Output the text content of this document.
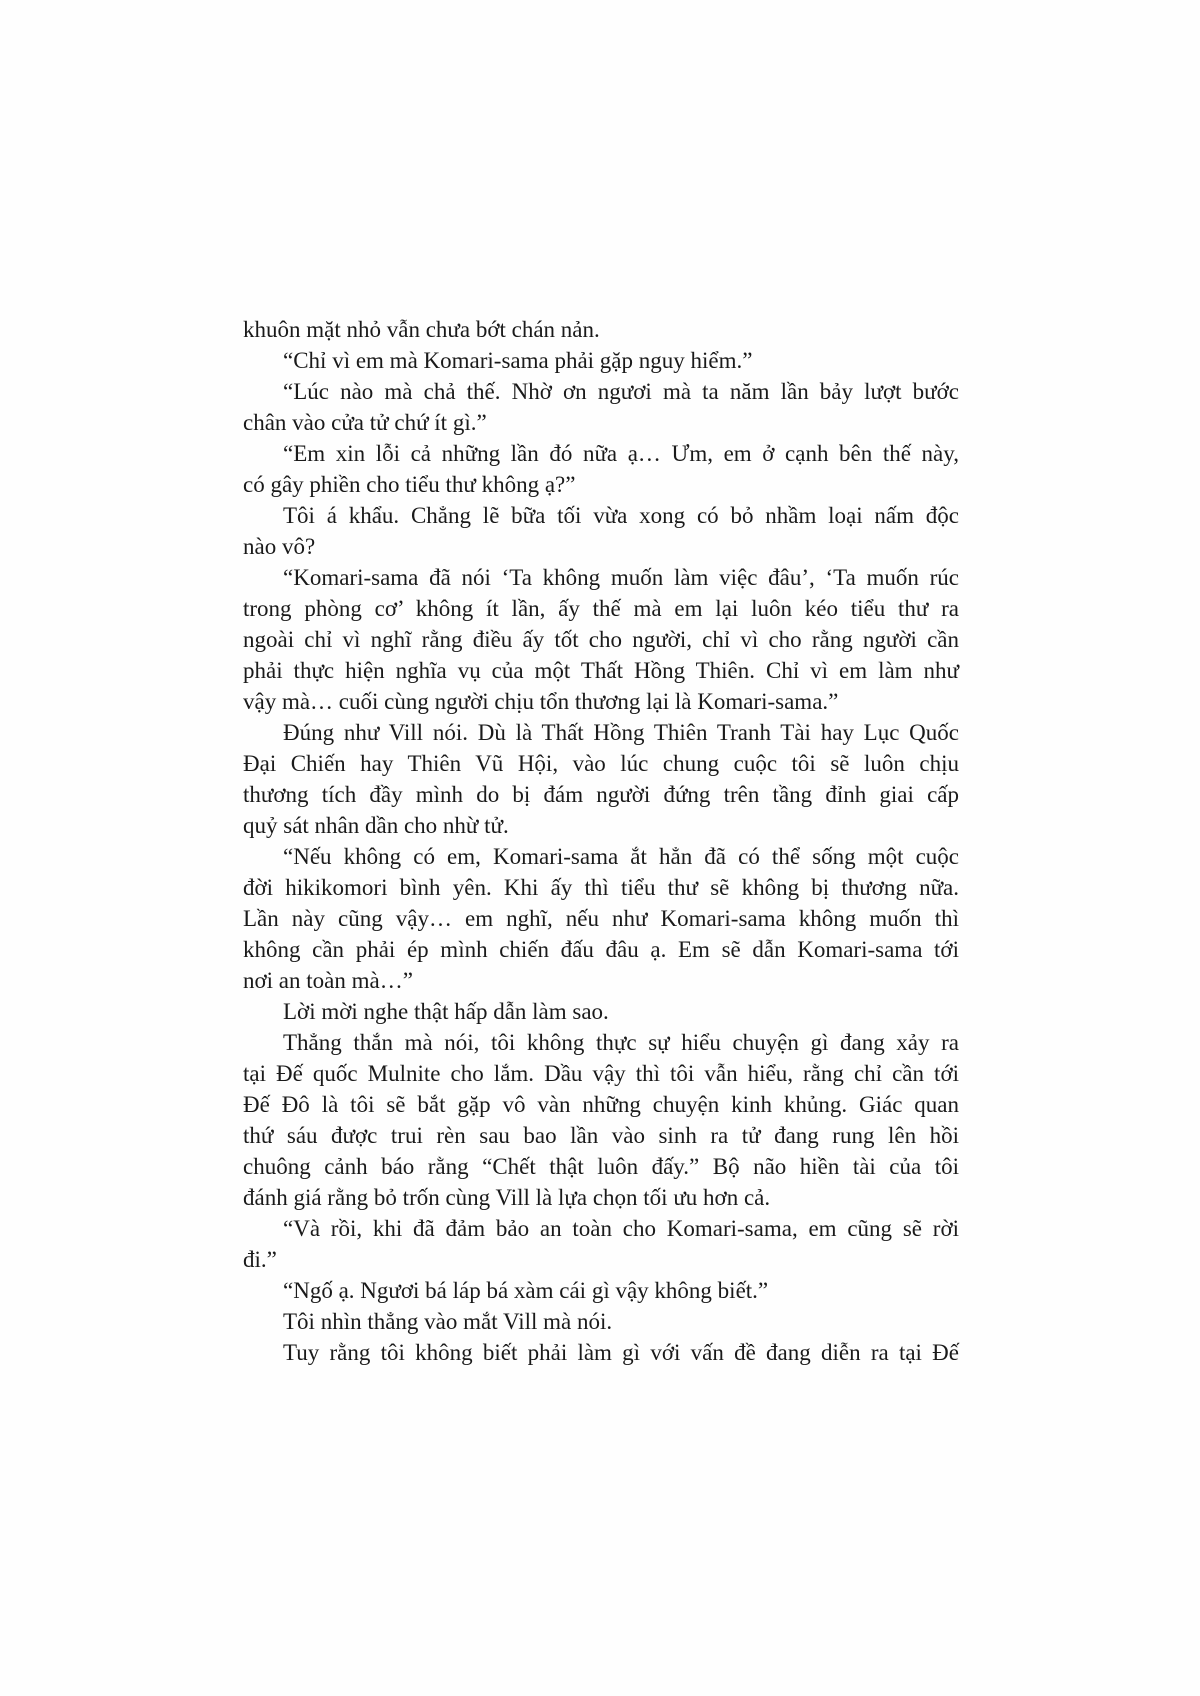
khuôn mặt nhỏ vẫn chưa bớt chán nản.
“Chỉ vì em mà Komari-sama phải gặp nguy hiểm.”
“Lúc nào mà chả thế. Nhờ ơn ngươi mà ta năm lần bảy lượt bước
chân vào cửa tử chứ ít gì.”
“Em xin lỗi cả những lần đó nữa ạ… Ưm, em ở cạnh bên thế này,
có gây phiền cho tiểu thư không ạ?”
Tôi á khẩu. Chẳng lẽ bữa tối vừa xong có bỏ nhầm loại nấm độc
nào vô?
“Komari-sama đã nói ‘Ta không muốn làm việc đâu’, ‘Ta muốn rúc
trong phòng cơ’ không ít lần, ấy thế mà em lại luôn kéo tiểu thư ra
ngoài chỉ vì nghĩ rằng điều ấy tốt cho người, chỉ vì cho rằng người cần
phải thực hiện nghĩa vụ của một Thất Hồng Thiên. Chỉ vì em làm như
vậy mà… cuối cùng người chịu tổn thương lại là Komari-sama.”
Đúng như Vill nói. Dù là Thất Hồng Thiên Tranh Tài hay Lục Quốc
Đại Chiến hay Thiên Vũ Hội, vào lúc chung cuộc tôi sẽ luôn chịu
thương tích đầy mình do bị đám người đứng trên tầng đỉnh giai cấp
quỷ sát nhân dần cho nhừ tử.
“Nếu không có em, Komari-sama ắt hẳn đã có thể sống một cuộc
đời hikikomori bình yên. Khi ấy thì tiểu thư sẽ không bị thương nữa.
Lần này cũng vậy… em nghĩ, nếu như Komari-sama không muốn thì
không cần phải ép mình chiến đấu đâu ạ. Em sẽ dẫn Komari-sama tới
nơi an toàn mà…”
Lời mời nghe thật hấp dẫn làm sao.
Thẳng thắn mà nói, tôi không thực sự hiểu chuyện gì đang xảy ra
tại Đế quốc Mulnite cho lắm. Dầu vậy thì tôi vẫn hiểu, rằng chỉ cần tới
Đế Đô là tôi sẽ bắt gặp vô vàn những chuyện kinh khủng. Giác quan
thứ sáu được trui rèn sau bao lần vào sinh ra tử đang rung lên hồi
chuông cảnh báo rằng “Chết thật luôn đấy.” Bộ não hiền tài của tôi
đánh giá rằng bỏ trốn cùng Vill là lựa chọn tối ưu hơn cả.
“Và rồi, khi đã đảm bảo an toàn cho Komari-sama, em cũng sẽ rời
đi.”
“Ngố ạ. Ngươi bá láp bá xàm cái gì vậy không biết.”
Tôi nhìn thẳng vào mắt Vill mà nói.
Tuy rằng tôi không biết phải làm gì với vấn đề đang diễn ra tại Đế
